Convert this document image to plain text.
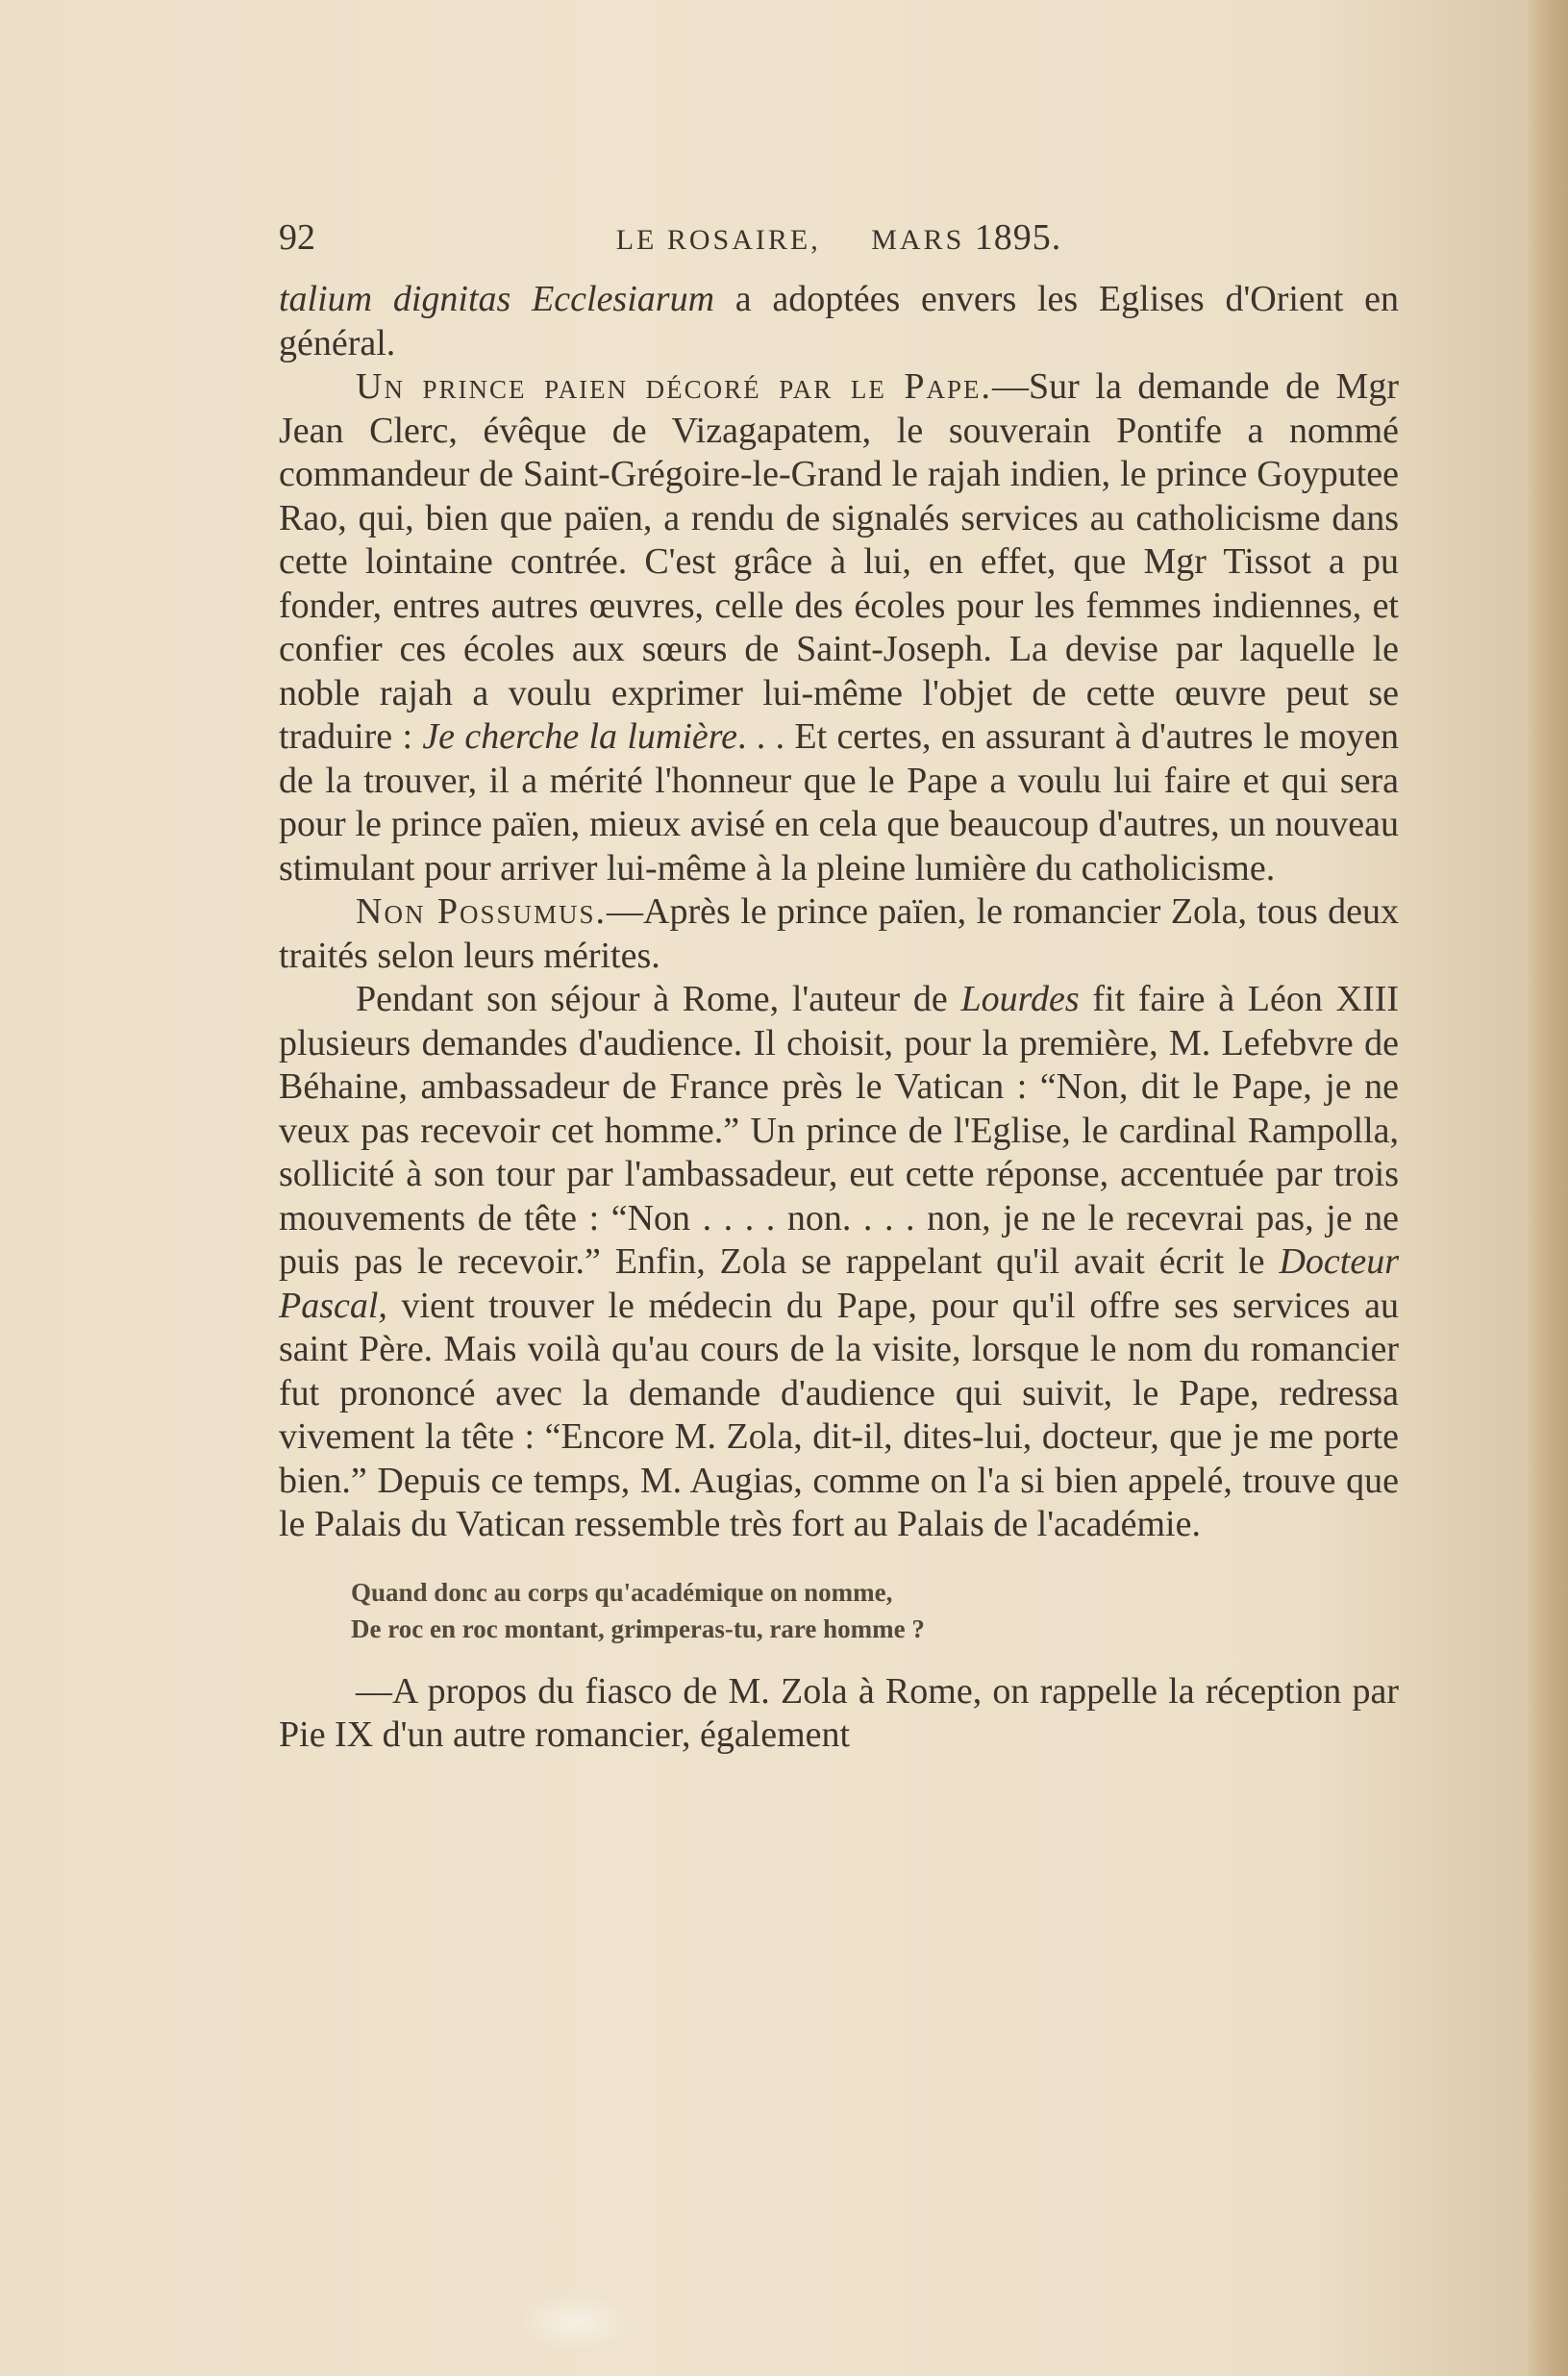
92	LE ROSAIRE, MARS 1895.

talium dignitas Ecclesiarum a adoptées envers les Eglises d'Orient en général.

Un prince paien décoré par le Pape.—Sur la demande de Mgr Jean Clerc, évêque de Vizagapatem, le souverain Pontife a nommé commandeur de Saint-Grégoire-le-Grand le rajah indien, le prince Goyputee Rao, qui, bien que païen, a rendu de signalés services au catholicisme dans cette lointaine contrée. C'est grâce à lui, en effet, que Mgr Tissot a pu fonder, entres autres œuvres, celle des écoles pour les femmes indiennes, et confier ces écoles aux sœurs de Saint-Joseph. La devise par laquelle le noble rajah a voulu exprimer lui-même l'objet de cette œuvre peut se traduire : Je cherche la lumière. . . Et certes, en assurant à d'autres le moyen de la trouver, il a mérité l'honneur que le Pape a voulu lui faire et qui sera pour le prince païen, mieux avisé en cela que beaucoup d'autres, un nouveau stimulant pour arriver lui-même à la pleine lumière du catholicisme.

Non Possumus.—Après le prince païen, le romancier Zola, tous deux traités selon leurs mérites.

Pendant son séjour à Rome, l'auteur de Lourdes fit faire à Léon XIII plusieurs demandes d'audience. Il choisit, pour la première, M. Lefebvre de Béhaine, ambassadeur de France près le Vatican : “Non, dit le Pape, je ne veux pas recevoir cet homme.” Un prince de l'Eglise, le cardinal Rampolla, sollicité à son tour par l'ambassadeur, eut cette réponse, accentuée par trois mouvements de tête : “Non . . . . non. . . . non, je ne le recevrai pas, je ne puis pas le recevoir.” Enfin, Zola se rappelant qu'il avait écrit le Docteur Pascal, vient trouver le médecin du Pape, pour qu'il offre ses services au saint Père. Mais voilà qu'au cours de la visite, lorsque le nom du romancier fut prononcé avec la demande d'audience qui suivit, le Pape, redressa vivement la tête : “Encore M. Zola, dit-il, dites-lui, docteur, que je me porte bien.” Depuis ce temps, M. Augias, comme on l'a si bien appelé, trouve que le Palais du Vatican ressemble très fort au Palais de l'académie.

Quand donc au corps qu'académique on nomme,
De roc en roc montant, grimperas-tu, rare homme ?

—A propos du fiasco de M. Zola à Rome, on rappelle la réception par Pie IX d'un autre romancier, également
